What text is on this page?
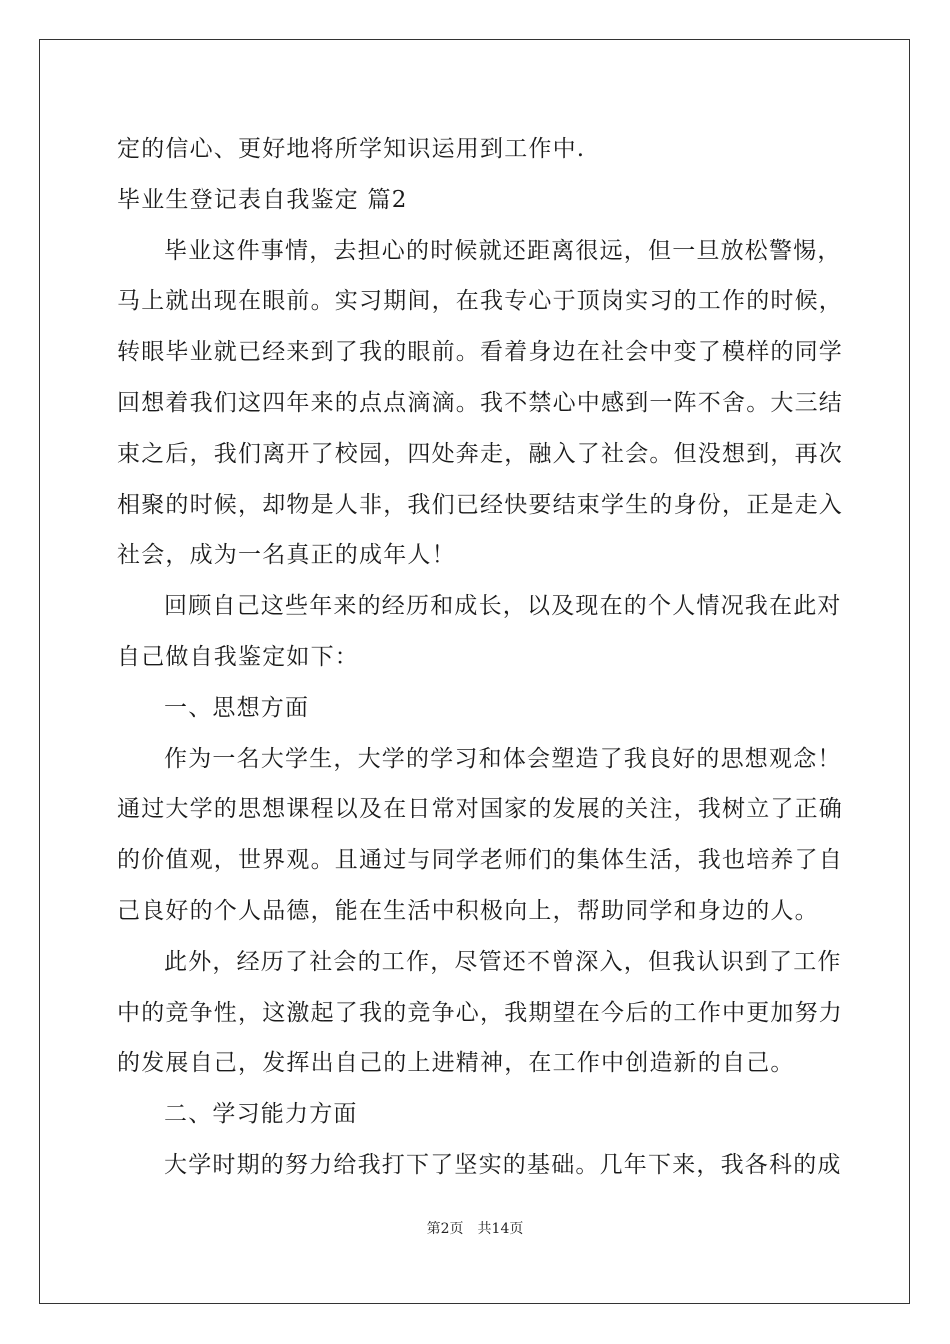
定的信心、更好地将所学知识运用到工作中.
毕业生登记表自我鉴定 篇2
毕业这件事情，去担心的时候就还距离很远，但一旦放松警惕，
马上就出现在眼前。实习期间，在我专心于顶岗实习的工作的时候，
转眼毕业就已经来到了我的眼前。看着身边在社会中变了模样的同学
回想着我们这四年来的点点滴滴。我不禁心中感到一阵不舍。大三结
束之后，我们离开了校园，四处奔走，融入了社会。但没想到，再次
相聚的时候，却物是人非，我们已经快要结束学生的身份，正是走入
社会，成为一名真正的成年人！
回顾自己这些年来的经历和成长，以及现在的个人情况我在此对
自己做自我鉴定如下：
一、思想方面
作为一名大学生，大学的学习和体会塑造了我良好的思想观念！
通过大学的思想课程以及在日常对国家的发展的关注，我树立了正确
的价值观，世界观。且通过与同学老师们的集体生活，我也培养了自
己良好的个人品德，能在生活中积极向上，帮助同学和身边的人。
此外，经历了社会的工作，尽管还不曾深入，但我认识到了工作
中的竞争性，这激起了我的竞争心，我期望在今后的工作中更加努力
的发展自己，发挥出自己的上进精神，在工作中创造新的自己。
二、学习能力方面
大学时期的努力给我打下了坚实的基础。几年下来，我各科的成
第2页 共14页
